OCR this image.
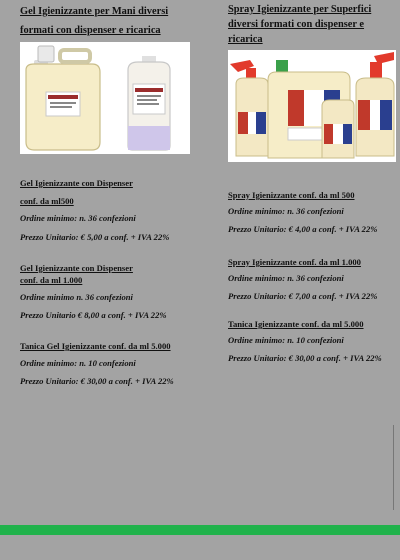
Gel Igienizzante per Mani diversi formati con dispenser e ricarica

Gel Igienizzante con Dispenser

conf. da ml500

Ordine minimo: n. 36 confezioni

Prezzo Unitario: € 5,00 a conf. + IVA 22%

Gel Igienizzante con Dispenser

conf. da ml 1.000

Ordine minimo n. 36 confezioni

Prezzo Unitario € 8,00 a conf. + IVA 22%

Tanica Gel Igienizzante conf. da ml 5.000

Ordine minimo: n. 10 confezioni

Prezzo Unitario: € 30,00 a conf. + IVA 22%

Spray Igienizzante per Superfici diversi formati con dispenser e ricarica

Spray Igienizzante conf. da ml 500

Ordine minimo: n. 36 confezioni

Prezzo Unitario: € 4,00 a conf. + IVA 22%

Spray Igienizzante conf. da ml 1.000

Ordine minimo: n. 36 confezioni

Prezzo Unitario: € 7,00 a conf. + IVA 22%

Tanica Igienizzante conf. da ml 5.000

Ordine minimo: n. 10 confezioni

Prezzo Unitario: € 30,00 a conf. + IVA 22%
